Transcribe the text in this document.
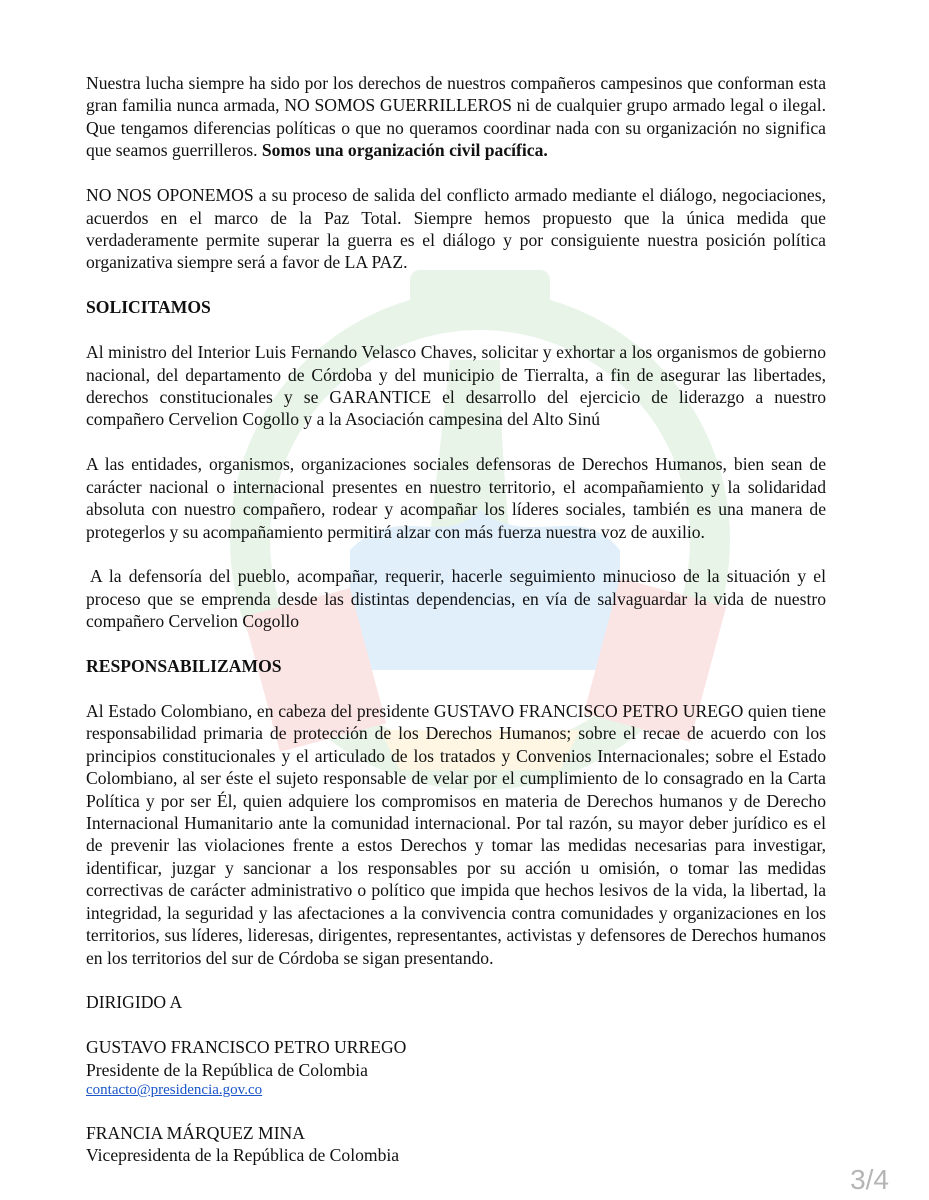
Nuestra lucha siempre ha sido por los derechos de nuestros compañeros campesinos que conforman esta gran familia nunca armada, NO SOMOS GUERRILLEROS ni de cualquier grupo armado legal o ilegal. Que tengamos diferencias políticas o que no queramos coordinar nada con su organización no significa que seamos guerrilleros. Somos una organización civil pacífica.

NO NOS OPONEMOS a su proceso de salida del conflicto armado mediante el diálogo, negociaciones, acuerdos en el marco de la Paz Total. Siempre hemos propuesto que la única medida que verdaderamente permite superar la guerra es el diálogo y por consiguiente nuestra posición política organizativa siempre será a favor de LA PAZ.

SOLICITAMOS

Al ministro del Interior Luis Fernando Velasco Chaves, solicitar y exhortar a los organismos de gobierno nacional, del departamento de Córdoba y del municipio de Tierralta, a fin de asegurar las libertades, derechos constitucionales y se GARANTICE el desarrollo del ejercicio de liderazgo a nuestro compañero Cervelion Cogollo y a la Asociación campesina del Alto Sinú

A las entidades, organismos, organizaciones sociales defensoras de Derechos Humanos, bien sean de carácter nacional o internacional presentes en nuestro territorio, el acompañamiento y la solidaridad absoluta con nuestro compañero, rodear y acompañar los líderes sociales, también es una manera de protegerlos y su acompañamiento permitirá alzar con más fuerza nuestra voz de auxilio.

A la defensoría del pueblo, acompañar, requerir, hacerle seguimiento minucioso de la situación y el proceso que se emprenda desde las distintas dependencias, en vía de salvaguardar la vida de nuestro compañero Cervelion Cogollo

RESPONSABILIZAMOS

Al Estado Colombiano, en cabeza del presidente GUSTAVO FRANCISCO PETRO UREGO quien tiene responsabilidad primaria de protección de los Derechos Humanos; sobre el recae de acuerdo con los principios constitucionales y el articulado de los tratados y Convenios Internacionales; sobre el Estado Colombiano, al ser éste el sujeto responsable de velar por el cumplimiento de lo consagrado en la Carta Política y por ser Él, quien adquiere los compromisos en materia de Derechos humanos y de Derecho Internacional Humanitario ante la comunidad internacional. Por tal razón, su mayor deber jurídico es el de prevenir las violaciones frente a estos Derechos y tomar las medidas necesarias para investigar, identificar, juzgar y sancionar a los responsables por su acción u omisión, o tomar las medidas correctivas de carácter administrativo o político que impida que hechos lesivos de la vida, la libertad, la integridad, la seguridad y las afectaciones a la convivencia contra comunidades y organizaciones en los territorios, sus líderes, lideresas, dirigentes, representantes, activistas y defensores de Derechos humanos en los territorios del sur de Córdoba se sigan presentando.

DIRIGIDO A

GUSTAVO FRANCISCO PETRO URREGO

Presidente de la República de Colombia

contacto@presidencia.gov.co

FRANCIA MÁRQUEZ MINA

Vicepresidenta de la República de Colombia

3/4
